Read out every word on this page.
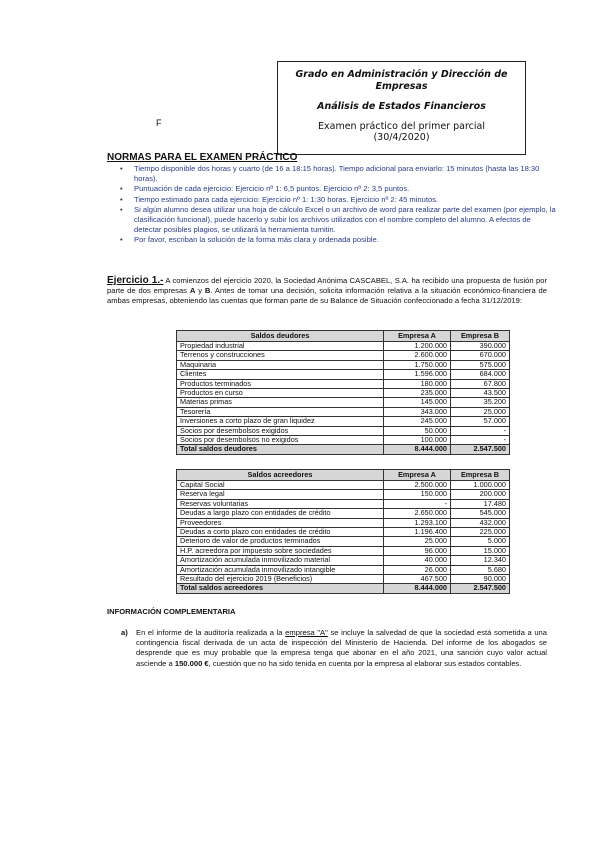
Grado en Administración y Dirección de
Empresas
Análisis de Estados Financieros
Examen práctico del primer parcial
(30/4/2020)
F
NORMAS PARA EL EXAMEN PRÁCTICO
• Tiempo disponible dos horas y cuarto (de 16 a 18:15 horas). Tiempo adicional para enviarlo: 15 minutos (hasta las 18:30 horas).
• Puntuación de cada ejercicio: Ejercicio nº 1: 6,5 puntos. Ejercicio nº 2: 3,5 puntos.
• Tiempo estimado para cada ejercicio: Ejercicio nº 1: 1:30 horas. Ejercicio nº 2: 45 minutos.
• Si algún alumno desea utilizar una hoja de cálculo Excel o un archivo de word para realizar parte del examen (por ejemplo, la clasificación funcional), puede hacerlo y subir los archivos utilizados con el nombre completo del alumno. A efectos de detectar posibles plagios, se utilizará la herramienta turnitin.
• Por favor, escriban la solución de la forma más clara y ordenada posible.
Ejercicio 1.- A comienzos del ejercicio 2020, la Sociedad Anónima CASCABEL, S.A. ha recibido una propuesta de fusión por parte de dos empresas A y B. Antes de tomar una decisión, solicita información relativa a la situación económico-financiera de ambas empresas, obteniendo las cuentas que forman parte de su Balance de Situación confeccionado a fecha 31/12/2019:
Saldos deudores	Empresa A	Empresa B
Propiedad industrial	1.200.000	390.000
Terrenos y construcciones	2.600.000	670.000
Maquinaria	1.750.000	575.000
Clientes	1.596.000	684.000
Productos terminados	180.000	67.800
Productos en curso	235.000	43.500
Materias primas	145.000	35.200
Tesorería	343.000	25.000
Inversiones a corto plazo de gran liquidez	245.000	57.000
Socios por desembolsos exigidos	50.000	-
Socios por desembolsos no exigidos	100.000	-
Total saldos deudores	8.444.000	2.547.500
Saldos acreedores	Empresa A	Empresa B
Capital Social	2.500.000	1.000.000
Reserva legal	150.000	200.000
Reservas voluntarias	-	17.480
Deudas a largo plazo con entidades de crédito	2.650.000	545.000
Proveedores	1.293.100	432.000
Deudas a corto plazo con entidades de crédito	1.196.400	225.000
Deterioro de valor de productos terminados	25.000	5.000
H.P. acreedora por impuesto sobre sociedades	96.000	15.000
Amortización acumulada inmovilizado material	40.000	12.340
Amortización acumulada inmovilizado intangible	26.000	5.680
Resultado del ejercicio 2019 (Beneficios)	467.500	90.000
Total saldos acreedores	8.444.000	2.547.500
INFORMACIÓN COMPLEMENTARIA
a) En el informe de la auditoría realizada a la empresa "A" se incluye la salvedad de que la sociedad está sometida a una contingencia fiscal derivada de un acta de inspección del Ministerio de Hacienda. Del informe de los abogados se desprende que es muy probable que la empresa tenga que abonar en el año 2021, una sanción cuyo valor actual asciende a 150.000 €, cuestión que no ha sido tenida en cuenta por la empresa al elaborar sus estados contables.
